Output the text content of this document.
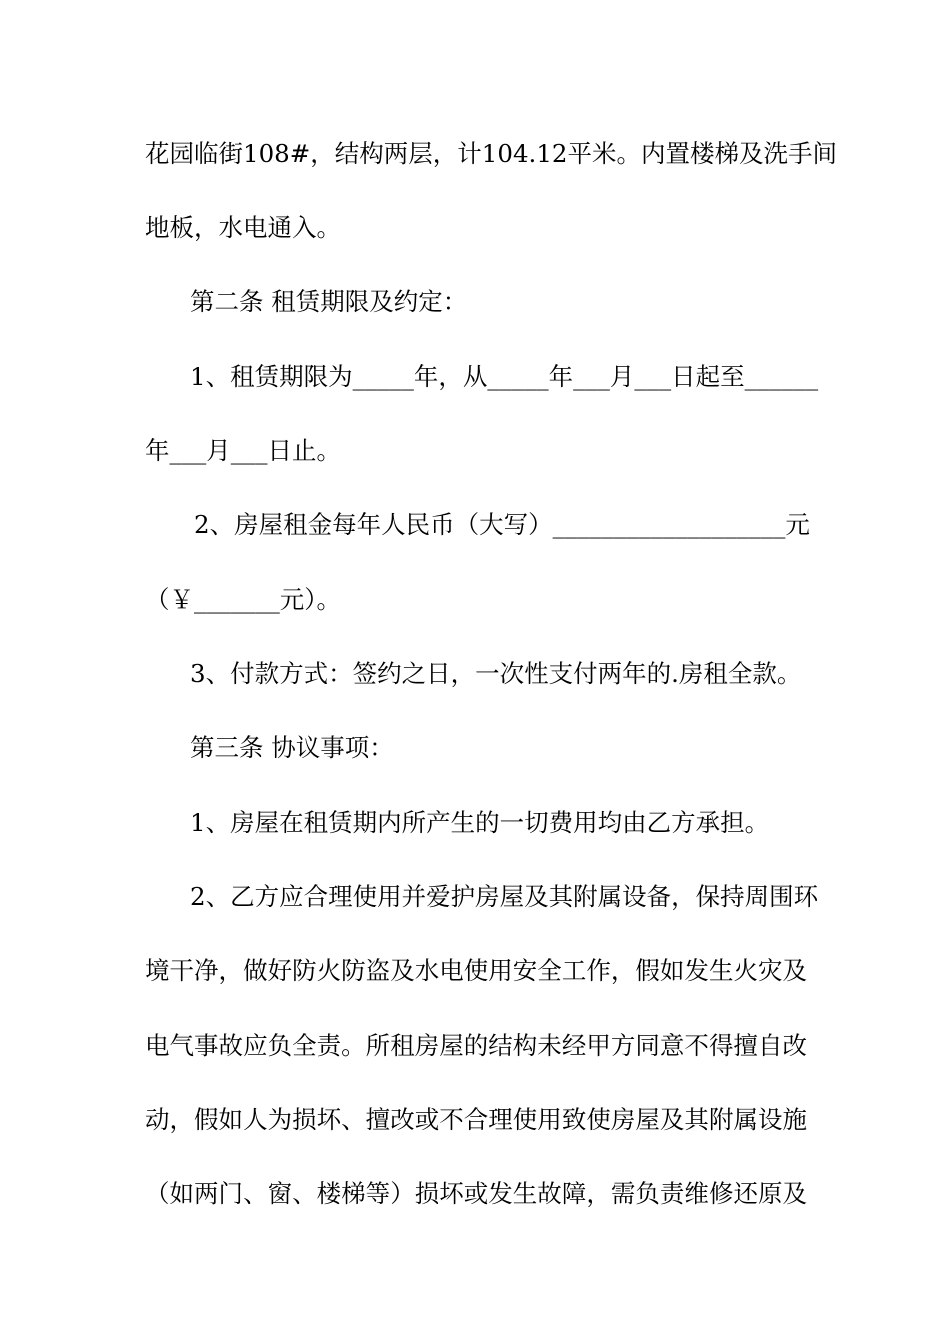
花园临街108#，结构两层，计104.12平米。内置楼梯及洗手间
地板，水电通入。
第二条 租赁期限及约定：
1、租赁期限为_____年，从_____年___月___日起至______
年___月___日止。
2、房屋租金每年人民币（大写）___________________元
（￥_______元）。
3、付款方式：签约之日，一次性支付两年的.房租全款。
第三条 协议事项：
1、房屋在租赁期内所产生的一切费用均由乙方承担。
2、乙方应合理使用并爱护房屋及其附属设备，保持周围环
境干净，做好防火防盗及水电使用安全工作，假如发生火灾及
电气事故应负全责。所租房屋的结构未经甲方同意不得擅自改
动，假如人为损坏、擅改或不合理使用致使房屋及其附属设施
（如两门、窗、楼梯等）损坏或发生故障，需负责维修还原及
